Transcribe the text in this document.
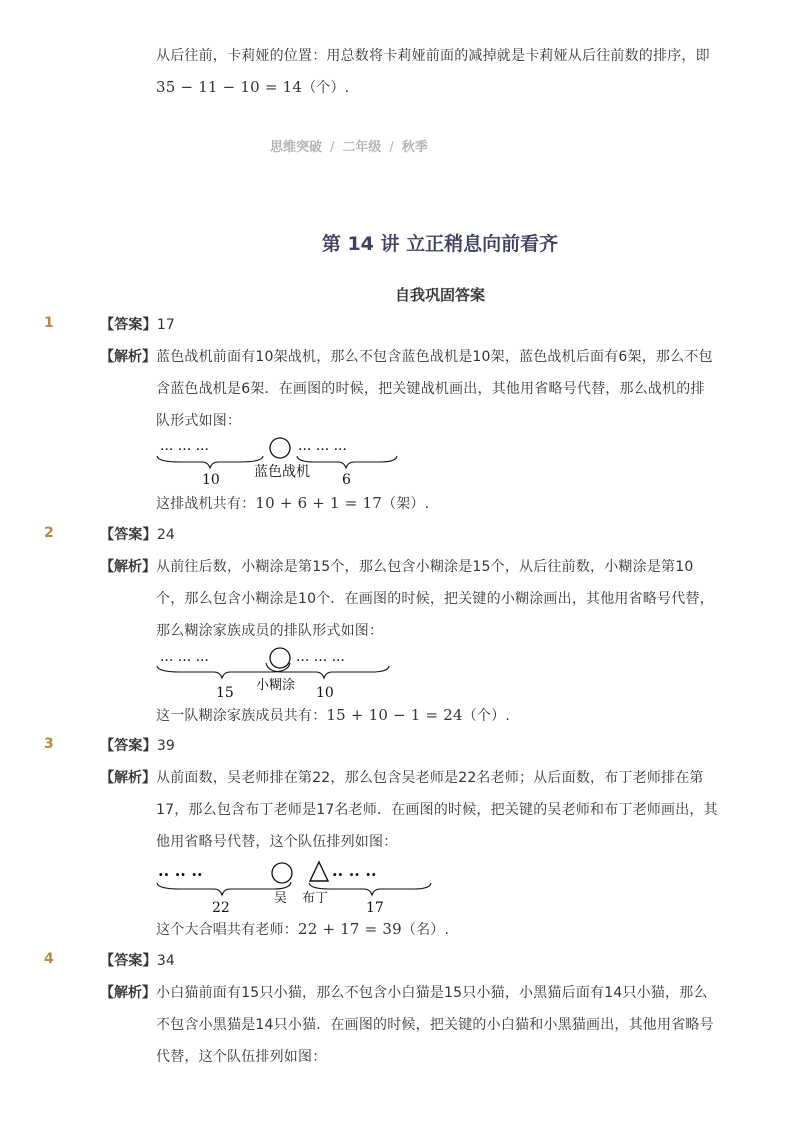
从后往前，卡莉娅的位置：用总数将卡莉娅前面的减掉就是卡莉娅从后往前数的排序，即
35 − 11 − 10 = 14（个）.
思维突破 / 二年级 / 秋季
第 14 讲 立正稍息向前看齐
自我巩固答案
1	【答案】17
【解析】 蓝色战机前面有10架战机，那么不包含蓝色战机是10架，蓝色战机后面有6架，那么不包
含蓝色战机是6架．在画图的时候，把关键战机画出，其他用省略号代替，那么战机的排
队形式如图：
··· ··· ···	··· ··· ···
10 蓝色战机 6
这排战机共有：10 + 6 + 1 = 17（架）.
2	【答案】24
【解析】 从前往后数，小糊涂是第15个，那么包含小糊涂是15个，从后往前数，小糊涂是第10
个，那么包含小糊涂是10个．在画图的时候，把关键的小糊涂画出，其他用省略号代替，
那么糊涂家族成员的排队形式如图：
··· ··· ···	··· ··· ···
15 小糊涂 10
这一队糊涂家族成员共有：15 + 10 − 1 = 24（个）.
3	【答案】39
【解析】 从前面数，吴老师排在第22，那么包含吴老师是22名老师；从后面数，布丁老师排在第
17，那么包含布丁老师是17名老师．在画图的时候，把关键的吴老师和布丁老师画出，其
他用省略号代替，这个队伍排列如图：
·· ·· ··	·· ·· ··
22
吴 布丁
17
这个大合唱共有老师：22 + 17 = 39（名）.
4	【答案】34
【解析】 小白猫前面有15只小猫，那么不包含小白猫是15只小猫，小黑猫后面有14只小猫，那么
不包含小黑猫是14只小猫．在画图的时候，把关键的小白猫和小黑猫画出，其他用省略号
代替，这个队伍排列如图：
